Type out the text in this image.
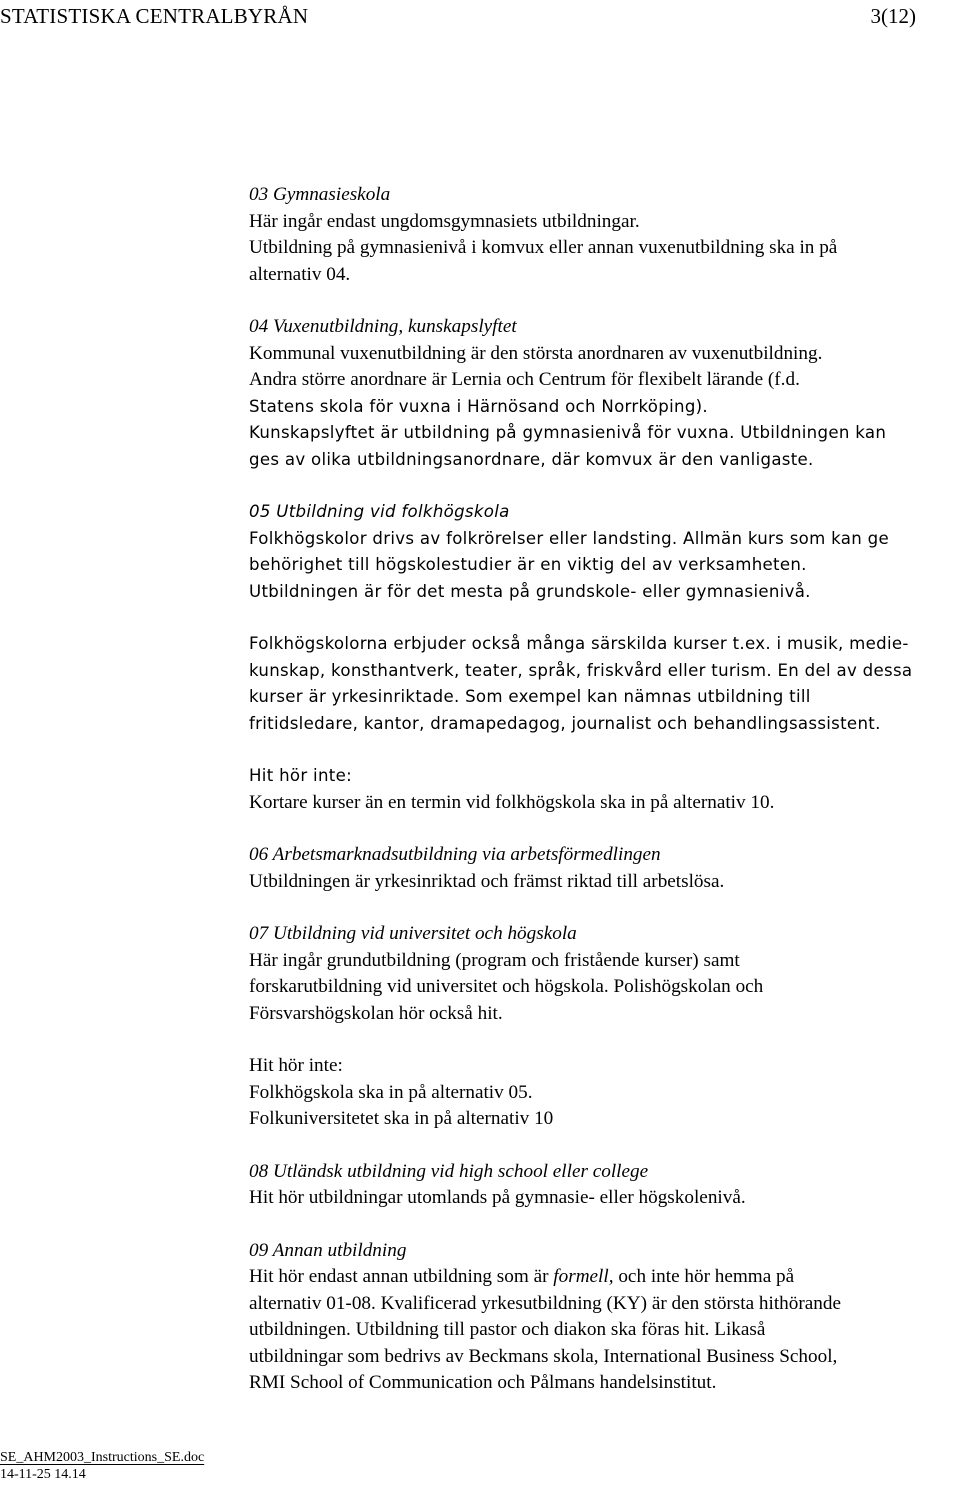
STATISTISKA CENTRALBYRÅN	3(12)
03 Gymnasieskola
Här ingår endast ungdomsgymnasiets utbildningar.
Utbildning på gymnasienivå i komvux eller annan vuxenutbildning ska in på
alternativ 04.
04 Vuxenutbildning, kunskapslyftet
Kommunal vuxenutbildning är den största anordnaren av vuxenutbildning.
Andra större anordnare är Lernia och Centrum för flexibelt lärande (f.d.
Statens skola för vuxna i Härnösand och Norrköping).
Kunskapslyftet är utbildning på gymnasienivå för vuxna. Utbildningen kan
ges av olika utbildningsanordnare, där komvux är den vanligaste.
05 Utbildning vid folkhögskola
Folkhögskolor drivs av folkrörelser eller landsting. Allmän kurs som kan ge
behörighet till högskolestudier är en viktig del av verksamheten.
Utbildningen är för det mesta på grundskole- eller gymnasienivå.
Folkhögskolorna erbjuder också många särskilda kurser t.ex. i musik, medie-
kunskap, konsthantverk, teater, språk, friskvård eller turism. En del av dessa
kurser är yrkesinriktade. Som exempel kan nämnas utbildning till
fritidsledare, kantor, dramapedagog, journalist och behandlingsassistent.
Hit hör inte:
Kortare kurser än en termin vid folkhögskola ska in på alternativ 10.
06 Arbetsmarknadsutbildning via arbetsförmedlingen
Utbildningen är yrkesinriktad och främst riktad till arbetslösa.
07 Utbildning vid universitet och högskola
Här ingår grundutbildning (program och fristående kurser) samt
forskarutbildning vid universitet och högskola. Polishögskolan och
Försvarshögskolan hör också hit.
Hit hör inte:
Folkhögskola ska in på alternativ 05.
Folkuniversitetet ska in på alternativ 10
08 Utländsk utbildning vid high school eller college
Hit hör utbildningar utomlands på gymnasie- eller högskolenivå.
09 Annan utbildning
Hit hör endast annan utbildning som är formell, och inte hör hemma på
alternativ 01-08. Kvalificerad yrkesutbildning (KY) är den största hithörande
utbildningen. Utbildning till pastor och diakon ska föras hit. Likaså
utbildningar som bedrivs av Beckmans skola, International Business School,
RMI School of Communication och Pålmans handelsinstitut.
SE_AHM2003_Instructions_SE.doc
14-11-25 14.14
